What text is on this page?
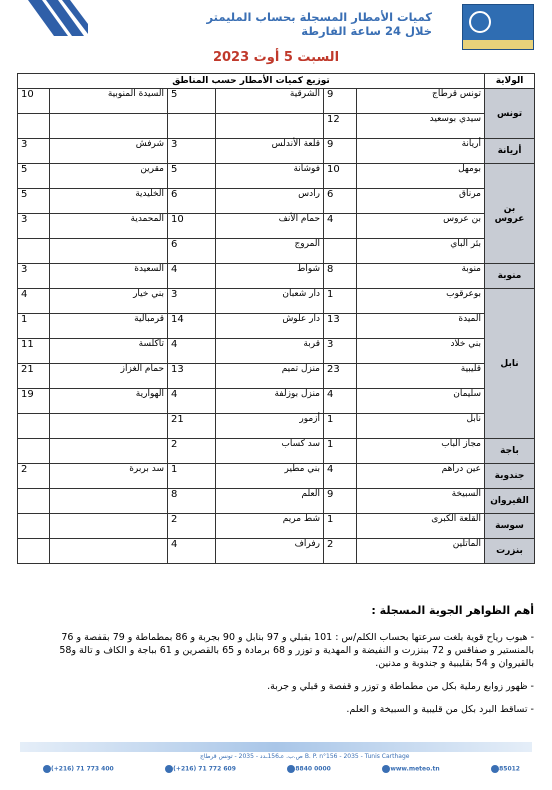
كميات الأمطار المسجلة بحساب المليمتر
خلال 24 ساعة الفارطة
السبت 5 أوت 2023
الولاية	توزيع كميات الأمطار حسب المناطق					
تونس	تونس قرطاج	9	الشرقية	5	السيدة المنوبية	10
	سيدي بوسعيد	12				
أريانة	أريانة	9	قلعة الأندلس	3	شرفش	3
بن عروس	بومهل	10	فوشانة	5	مقرين	5
	مرناق	6	رادس	6	الخليدية	5
	بن عروس	4	حمام الأنف	10	المحمدية	3
	بئر الباي		المروج	6		
منوبة	منوبة	8	شواط	4	السعيدة	3
نابل	بوعرقوب	1	دار شعبان	3	بني خيار	4
	الميدة	13	دار علوش	14	قرمبالية	1
	بني خلاد	3	قربة	4	تاكلسة	11
	قليبية	23	منزل تميم	13	حمام الغزاز	21
	سليمان	4	منزل بوزلفة	4	الهوارية	19
	نابل	1	أزمور	21		
باجة	مجاز الباب	1	سد كساب	2		
جندوبة	عين دراهم	4	بني مطير	1	سد بربرة	2
القيروان	السبيخة	9	العلم	8		
سوسة	القلعة الكبرى	1	شط مريم	2		
بنزرت	الماتلين	2	رفراف	4		
أهم الظواهر الجوية المسجلة :

- هبوب رياح قوية بلغت سرعتها بحساب الكلم/س : 101 بقبلي و 97 بنابل و 90 بجربة و 86 بمطماطة و 79 بقفصة و 76 بالمنستير و صفاقس و 72 ببنزرت و النفيضة و المهدية و توزر و 68 برمادة و 65 بالقصرين و 61 بباجة و الكاف و تالة و58 بالقيروان و 54 بقليبية و جندوبة و مدنين.

- ظهور زوابع رملية بكل من مطماطة و توزر و قفصة و قبلي و جربة.

- تساقط البرد بكل من قليبية و السبيخة و العلم.

ص.ب. عـ156ـدد - 2035 - تونس قرطاج B. P. n°156 - 2035 - Tunis Carthage
(+216) 71 773 400	(+216) 71 772 609	8840 0000	www.meteo.tn	85012
